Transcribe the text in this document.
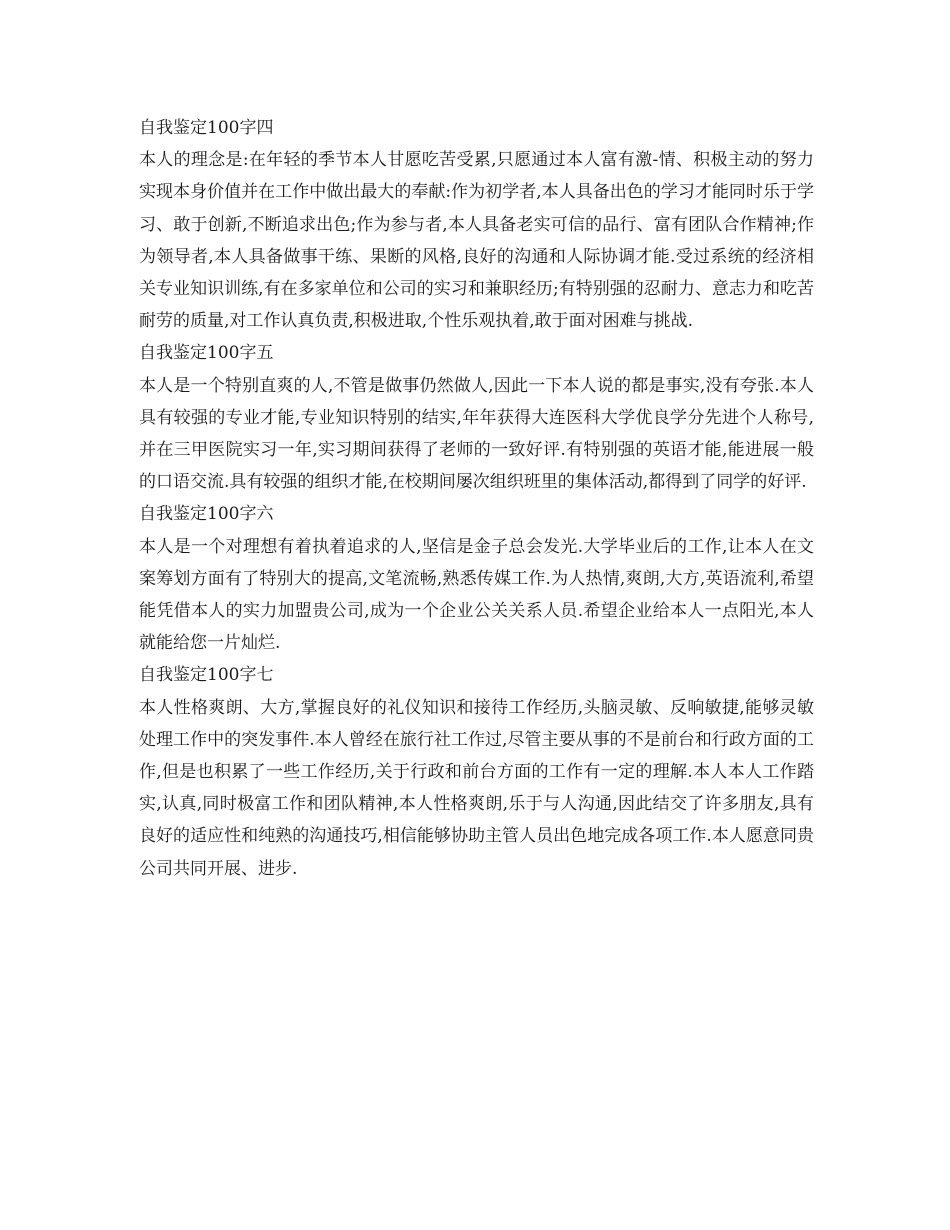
自我鉴定100字四

本人的理念是:在年轻的季节本人甘愿吃苦受累,只愿通过本人富有激-情、积极主动的努力实现本身价值并在工作中做出最大的奉献:作为初学者,本人具备出色的学习才能同时乐于学习、敢于创新,不断追求出色;作为参与者,本人具备老实可信的品行、富有团队合作精神;作为领导者,本人具备做事干练、果断的风格,良好的沟通和人际协调才能.受过系统的经济相关专业知识训练,有在多家单位和公司的实习和兼职经历;有特别强的忍耐力、意志力和吃苦耐劳的质量,对工作认真负责,积极进取,个性乐观执着,敢于面对困难与挑战.

自我鉴定100字五

本人是一个特别直爽的人,不管是做事仍然做人,因此一下本人说的都是事实,没有夸张.本人具有较强的专业才能,专业知识特别的结实,年年获得大连医科大学优良学分先进个人称号,并在三甲医院实习一年,实习期间获得了老师的一致好评.有特别强的英语才能,能进展一般的口语交流.具有较强的组织才能,在校期间屡次组织班里的集体活动,都得到了同学的好评.

自我鉴定100字六

本人是一个对理想有着执着追求的人,坚信是金子总会发光.大学毕业后的工作,让本人在文案筹划方面有了特别大的提高,文笔流畅,熟悉传媒工作.为人热情,爽朗,大方,英语流利,希望能凭借本人的实力加盟贵公司,成为一个企业公关关系人员.希望企业给本人一点阳光,本人就能给您一片灿烂.

自我鉴定100字七

本人性格爽朗、大方,掌握良好的礼仪知识和接待工作经历,头脑灵敏、反响敏捷,能够灵敏处理工作中的突发事件.本人曾经在旅行社工作过,尽管主要从事的不是前台和行政方面的工作,但是也积累了一些工作经历,关于行政和前台方面的工作有一定的理解.本人本人工作踏实,认真,同时极富工作和团队精神,本人性格爽朗,乐于与人沟通,因此结交了许多朋友,具有良好的适应性和纯熟的沟通技巧,相信能够协助主管人员出色地完成各项工作.本人愿意同贵公司共同开展、进步.
